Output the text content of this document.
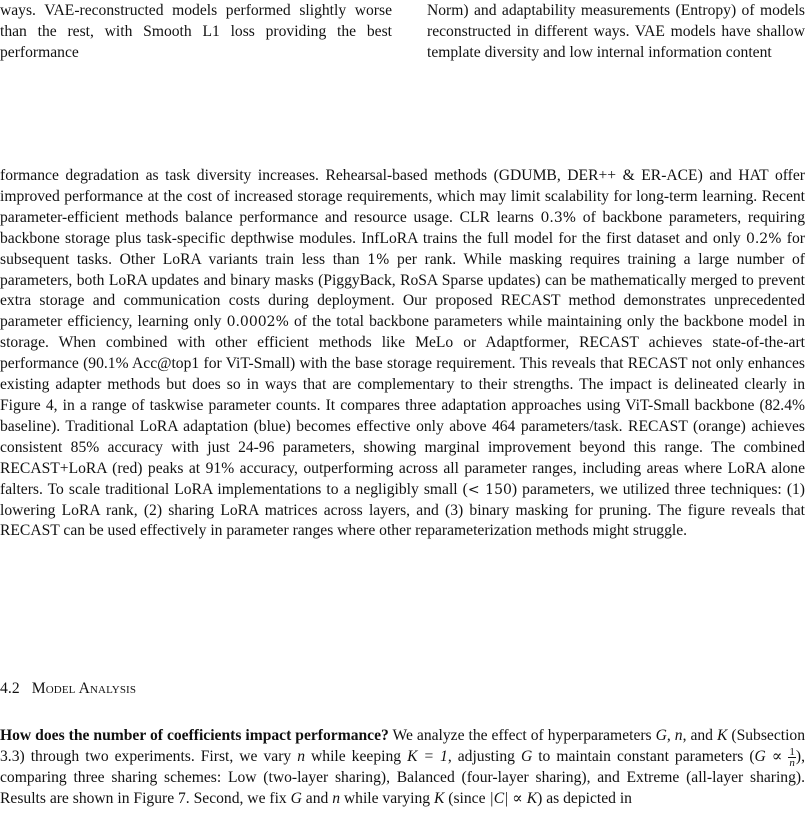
ways. VAE-reconstructed models performed slightly worse than the rest, with Smooth L1 loss providing the best performance

Norm) and adaptability measurements (Entropy) of models reconstructed in different ways. VAE models have shallow template diversity and low internal information content

formance degradation as task diversity increases. Rehearsal-based methods (GDUMB, DER++ & ER-ACE) and HAT offer improved performance at the cost of increased storage requirements, which may limit scalability for long-term learning. Recent parameter-efficient methods balance performance and resource usage. CLR learns 0.3% of backbone parameters, requiring backbone storage plus task-specific depthwise modules. InfLoRA trains the full model for the first dataset and only 0.2% for subsequent tasks. Other LoRA variants train less than 1% per rank. While masking requires training a large number of parameters, both LoRA updates and binary masks (PiggyBack, RoSA Sparse updates) can be mathematically merged to prevent extra storage and communication costs during deployment. Our proposed RECAST method demonstrates unprecedented parameter efficiency, learning only 0.0002% of the total backbone parameters while maintaining only the backbone model in storage. When combined with other efficient methods like MeLo or Adaptformer, RECAST achieves state-of-the-art performance (90.1% Acc@top1 for ViT-Small) with the base storage requirement. This reveals that RECAST not only enhances existing adapter methods but does so in ways that are complementary to their strengths. The impact is delineated clearly in Figure 4, in a range of taskwise parameter counts. It compares three adaptation approaches using ViT-Small backbone (82.4% baseline). Traditional LoRA adaptation (blue) becomes effective only above 464 parameters/task. RECAST (orange) achieves consistent 85% accuracy with just 24-96 parameters, showing marginal improvement beyond this range. The combined RECAST+LoRA (red) peaks at 91% accuracy, outperforming across all parameter ranges, including areas where LoRA alone falters. To scale traditional LoRA implementations to a negligibly small (< 150) parameters, we utilized three techniques: (1) lowering LoRA rank, (2) sharing LoRA matrices across layers, and (3) binary masking for pruning. The figure reveals that RECAST can be used effectively in parameter ranges where other reparameterization methods might struggle.

4.2 Model Analysis

How does the number of coefficients impact performance? We analyze the effect of hyperparameters G, n, and K (Subsection 3.3) through two experiments. First, we vary n while keeping K = 1, adjusting G to maintain constant parameters ($G \propto \frac{1}{n}$ ), comparing three sharing schemes: Low (two-layer sharing), Balanced (four-layer sharing), and Extreme (all-layer sharing). Results are shown in Figure 7. Second, we fix G and n while varying K (since |C| ∝ K) as depicted in
